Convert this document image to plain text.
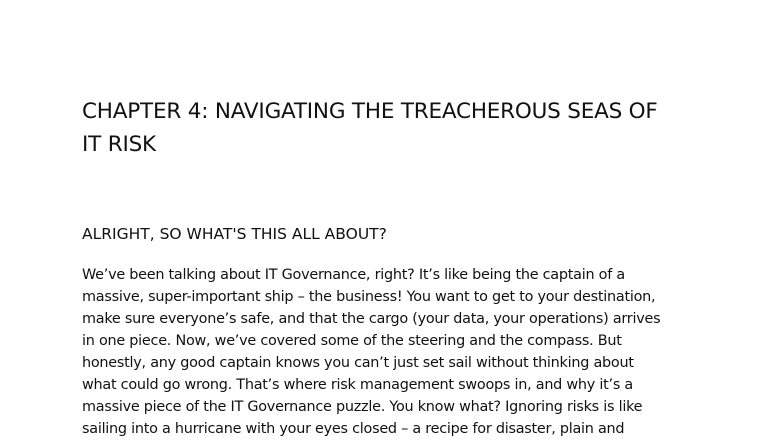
CHAPTER 4: NAVIGATING THE TREACHEROUS SEAS OF
IT RISK
ALRIGHT, SO WHAT'S THIS ALL ABOUT?

We’ve been talking about IT Governance, right? It’s like being the captain of a
massive, super-important ship – the business! You want to get to your destination,
make sure everyone’s safe, and that the cargo (your data, your operations) arrives
in one piece. Now, we’ve covered some of the steering and the compass. But
honestly, any good captain knows you can’t just set sail without thinking about
what could go wrong. That’s where risk management swoops in, and why it’s a
massive piece of the IT Governance puzzle. You know what? Ignoring risks is like
sailing into a hurricane with your eyes closed – a recipe for disaster, plain and
